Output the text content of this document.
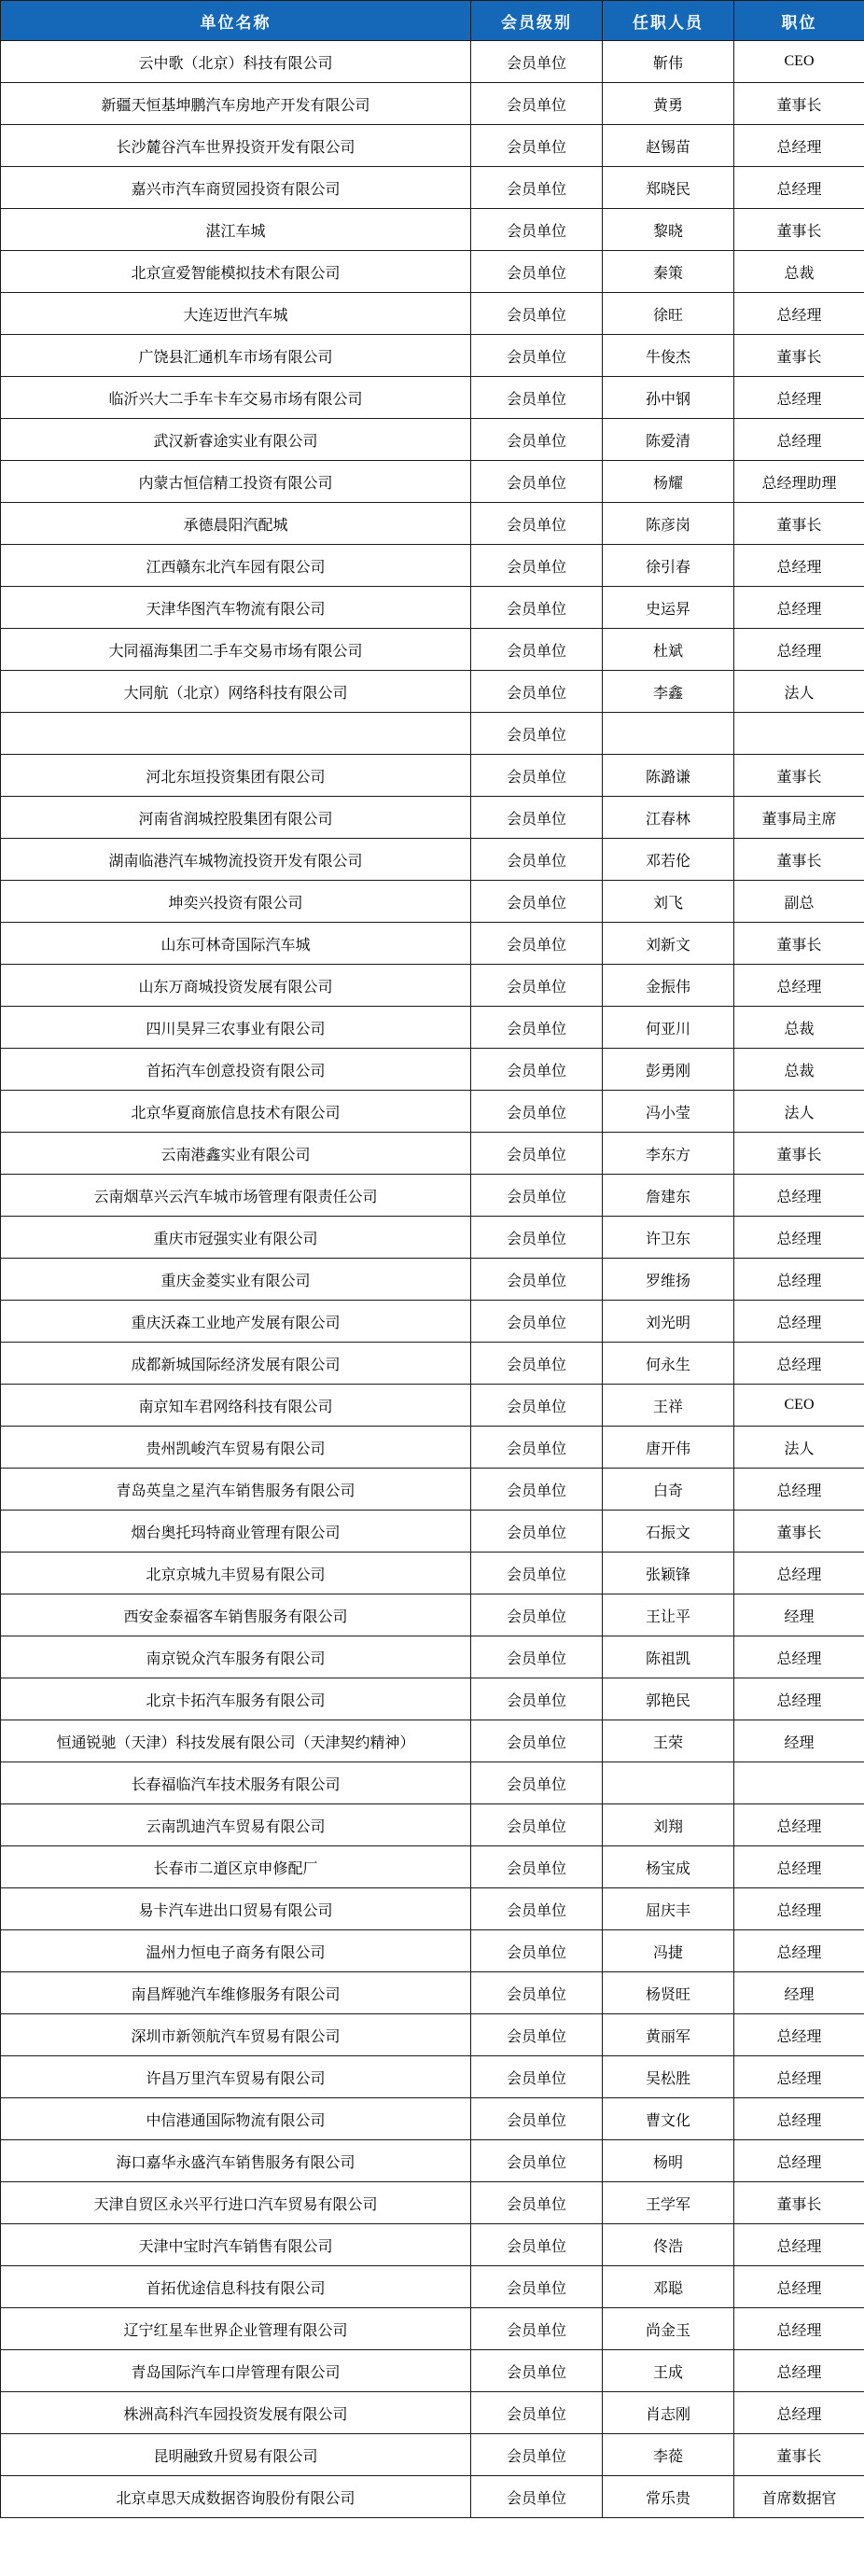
单位名称	会员级别	任职人员	职位
云中歌（北京）科技有限公司	会员单位	靳伟	CEO
新疆天恒基坤鹏汽车房地产开发有限公司	会员单位	黄勇	董事长
长沙麓谷汽车世界投资开发有限公司	会员单位	赵锡苗	总经理
嘉兴市汽车商贸园投资有限公司	会员单位	郑晓民	总经理
湛江车城	会员单位	黎晓	董事长
北京宣爱智能模拟技术有限公司	会员单位	秦策	总裁
大连迈世汽车城	会员单位	徐旺	总经理
广饶县汇通机车市场有限公司	会员单位	牛俊杰	董事长
临沂兴大二手车卡车交易市场有限公司	会员单位	孙中钢	总经理
武汉新睿途实业有限公司	会员单位	陈爱清	总经理
内蒙古恒信精工投资有限公司	会员单位	杨耀	总经理助理
承德晨阳汽配城	会员单位	陈彦岗	董事长
江西赣东北汽车园有限公司	会员单位	徐引春	总经理
天津华图汽车物流有限公司	会员单位	史运昇	总经理
大同福海集团二手车交易市场有限公司	会员单位	杜斌	总经理
大同航（北京）网络科技有限公司	会员单位	李鑫	法人
	会员单位		
河北东垣投资集团有限公司	会员单位	陈潞谦	董事长
河南省润城控股集团有限公司	会员单位	江春林	董事局主席
湖南临港汽车城物流投资开发有限公司	会员单位	邓若伦	董事长
坤奕兴投资有限公司	会员单位	刘飞	副总
山东可林奇国际汽车城	会员单位	刘新文	董事长
山东万商城投资发展有限公司	会员单位	金振伟	总经理
四川昊昇三农事业有限公司	会员单位	何亚川	总裁
首拓汽车创意投资有限公司	会员单位	彭勇刚	总裁
北京华夏商旅信息技术有限公司	会员单位	冯小莹	法人
云南港鑫实业有限公司	会员单位	李东方	董事长
云南烟草兴云汽车城市场管理有限责任公司	会员单位	詹建东	总经理
重庆市冠强实业有限公司	会员单位	许卫东	总经理
重庆金菱实业有限公司	会员单位	罗维扬	总经理
重庆沃森工业地产发展有限公司	会员单位	刘光明	总经理
成都新城国际经济发展有限公司	会员单位	何永生	总经理
南京知车君网络科技有限公司	会员单位	王祥	CEO
贵州凯峻汽车贸易有限公司	会员单位	唐开伟	法人
青岛英皇之星汽车销售服务有限公司	会员单位	白奇	总经理
烟台奥托玛特商业管理有限公司	会员单位	石振文	董事长
北京京城九丰贸易有限公司	会员单位	张颖锋	总经理
西安金泰福客车销售服务有限公司	会员单位	王让平	经理
南京锐众汽车服务有限公司	会员单位	陈祖凯	总经理
北京卡拓汽车服务有限公司	会员单位	郭艳民	总经理
恒通锐驰（天津）科技发展有限公司（天津契约精神）	会员单位	王荣	经理
长春福临汽车技术服务有限公司	会员单位		
云南凯迪汽车贸易有限公司	会员单位	刘翔	总经理
长春市二道区京申修配厂	会员单位	杨宝成	总经理
易卡汽车进出口贸易有限公司	会员单位	屈庆丰	总经理
温州力恒电子商务有限公司	会员单位	冯捷	总经理
南昌辉驰汽车维修服务有限公司	会员单位	杨贤旺	经理
深圳市新领航汽车贸易有限公司	会员单位	黄丽军	总经理
许昌万里汽车贸易有限公司	会员单位	吴松胜	总经理
中信港通国际物流有限公司	会员单位	曹文化	总经理
海口嘉华永盛汽车销售服务有限公司	会员单位	杨明	总经理
天津自贸区永兴平行进口汽车贸易有限公司	会员单位	王学军	董事长
天津中宝时汽车销售有限公司	会员单位	佟浩	总经理
首拓优途信息科技有限公司	会员单位	邓聪	总经理
辽宁红星车世界企业管理有限公司	会员单位	尚金玉	总经理
青岛国际汽车口岸管理有限公司	会员单位	王成	总经理
株洲高科汽车园投资发展有限公司	会员单位	肖志刚	总经理
昆明融致升贸易有限公司	会员单位	李蓯	董事长
北京卓思天成数据咨询股份有限公司	会员单位	常乐贵	首席数据官
